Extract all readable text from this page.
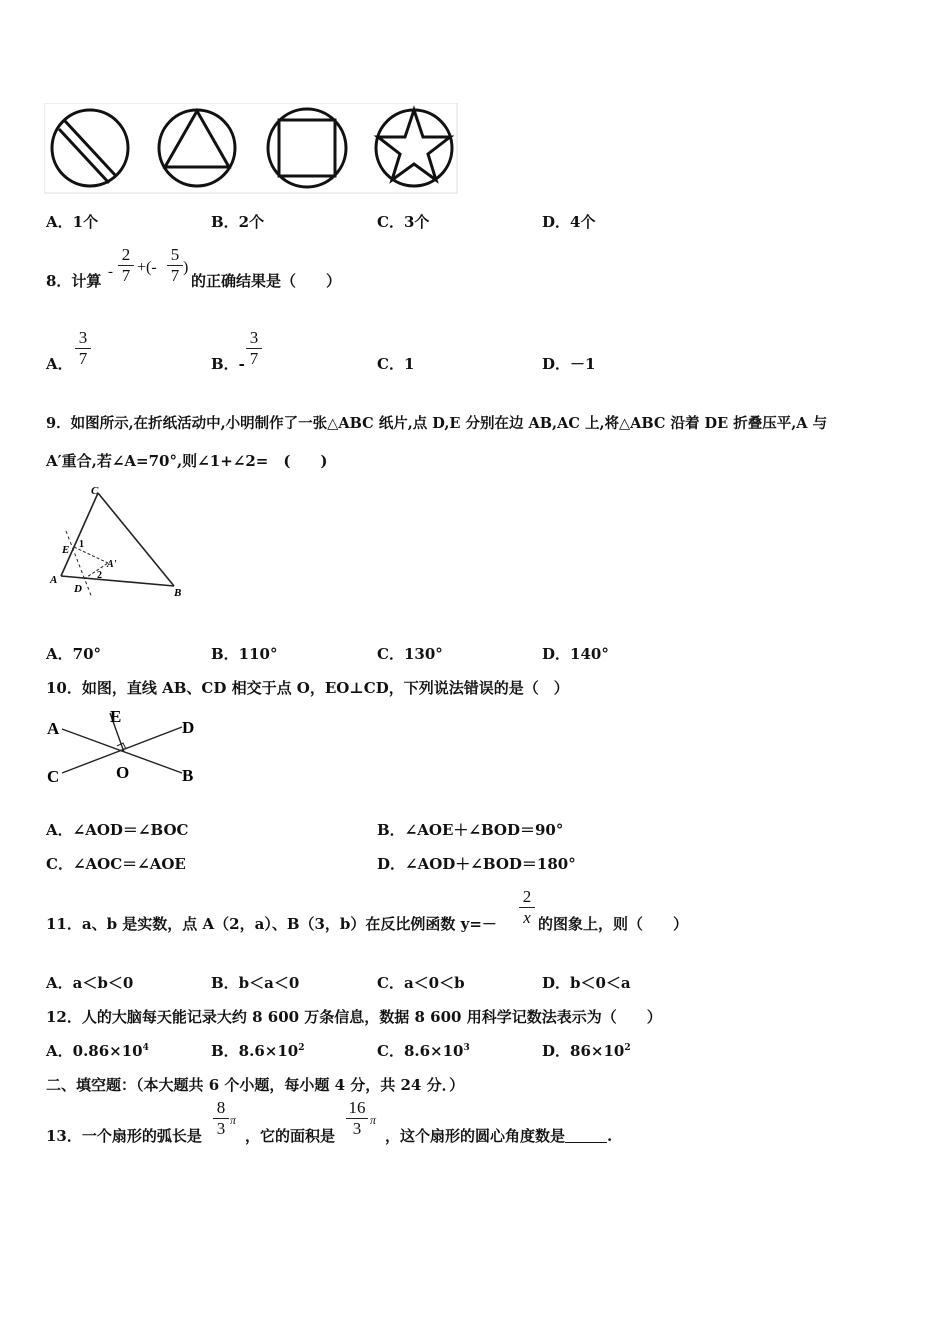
A．1个	B．2个	C．3个	D．4个
8．计算 -
2
7 +(-
5
7 )
的正确结果是（　　）
A．
3
7	B．-
3
7	C．1	D．－1
9．如图所示,在折纸活动中,小明制作了一张△ABC 纸片,点 D,E 分别在边 AB,AC 上,将△ABC 沿着 DE 折叠压平,A 与
A′重合,若∠A=70°,则∠1+∠2=　(　　)
C
E 1
A'
2
A
D	B
A．70°	B．110°	C．130°	D．140°
10．如图，直线 AB、CD 相交于点 O，EO⊥CD，下列说法错误的是（　）
A
E
D
C	O	B
A．∠AOD＝∠BOC	B．∠AOE＋∠BOD＝90°
C．∠AOC＝∠AOE	D．∠AOD＋∠BOD＝180°
11．a、b 是实数，点 A（2，a）、B（3，b）在反比例函数 y=－
2
x 的图象上，则（　　）
A．a＜b＜0	B．b＜a＜0	C．a＜0＜b	D．b＜0＜a
12．人的大脑每天能记录大约 8 600 万条信息，数据 8 600 用科学记数法表示为（　　）
A．$0.86\times 10^4$	B．$8.6\times 10^2$	C．$8.6\times 10^3$	D．$86\times 10^2$
二、填空题：（本大题共 6 个小题，每小题 4 分，共 24 分．）
13．一个扇形的弧长是
8
3 π
，它的面积是
16
3 π
，这个扇形的圆心角度数是	.
